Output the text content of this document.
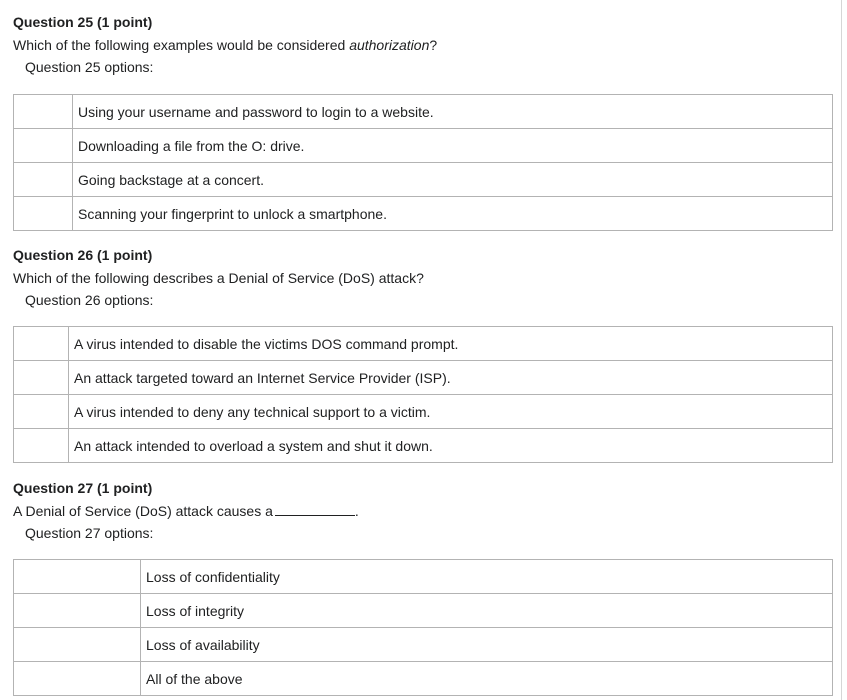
Question 25 (1 point)
Which of the following examples would be considered authorization?
Question 25 options:
	Using your username and password to login to a website.
	Downloading a file from the O: drive.
	Going backstage at a concert.
	Scanning your fingerprint to unlock a smartphone.
Question 26 (1 point)
Which of the following describes a Denial of Service (DoS) attack?
Question 26 options:
	A virus intended to disable the victims DOS command prompt.
	An attack targeted toward an Internet Service Provider (ISP).
	A virus intended to deny any technical support to a victim.
	An attack intended to overload a system and shut it down.
Question 27 (1 point)
A Denial of Service (DoS) attack causes a	.
Question 27 options:
	Loss of confidentiality
	Loss of integrity
	Loss of availability
	All of the above
